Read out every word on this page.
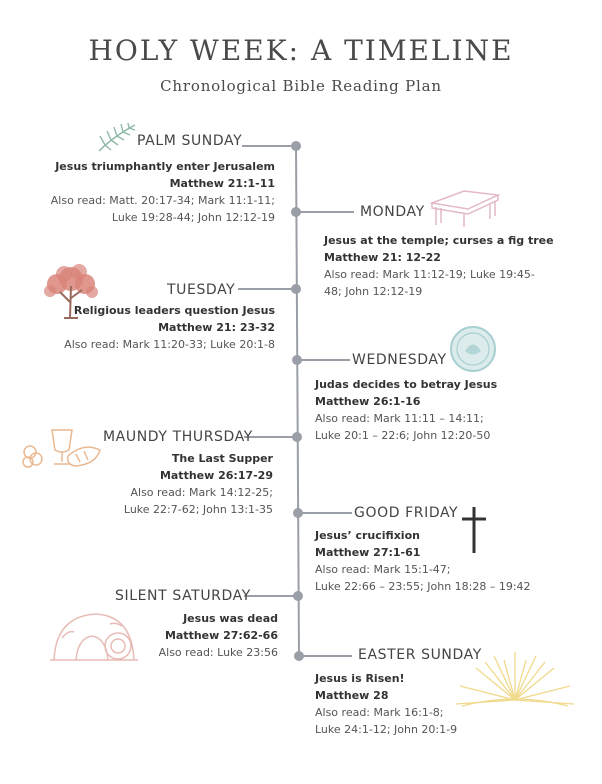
HOLY WEEK: A TIMELINE
Chronological Bible Reading Plan
PALM SUNDAY
Jesus triumphantly enter Jerusalem
Matthew 21:1-11
Also read: Matt. 20:17-34; Mark 11:1-11;
Luke 19:28-44; John 12:12-19	MONDAY
Jesus at the temple; curses a fig tree
Matthew 21: 12-22
Also read: Mark 11:12-19; Luke 19:45-
48; John 12:12-19
TUESDAY
Religious leaders question Jesus
Matthew 21: 23-32
Also read: Mark 11:20-33; Luke 20:1-8
WEDNESDAY
Judas decides to betray Jesus
Matthew 26:1-16
Also read: Mark 11:11 – 14:11;
Luke 20:1 – 22:6; John 12:20-50
MAUNDY THURSDAY
The Last Supper
Matthew 26:17-29
Also read: Mark 14:12-25;
Luke 22:7-62; John 13:1-35	GOOD FRIDAY
Jesus’ crucifixion
Matthew 27:1-61
Also read: Mark 15:1-47;
Luke 22:66 – 23:55; John 18:28 – 19:42
SILENT SATURDAY
Jesus was dead
Matthew 27:62-66
Also read: Luke 23:56	EASTER SUNDAY
Jesus is Risen!
Matthew 28
Also read: Mark 16:1-8;
Luke 24:1-12; John 20:1-9
